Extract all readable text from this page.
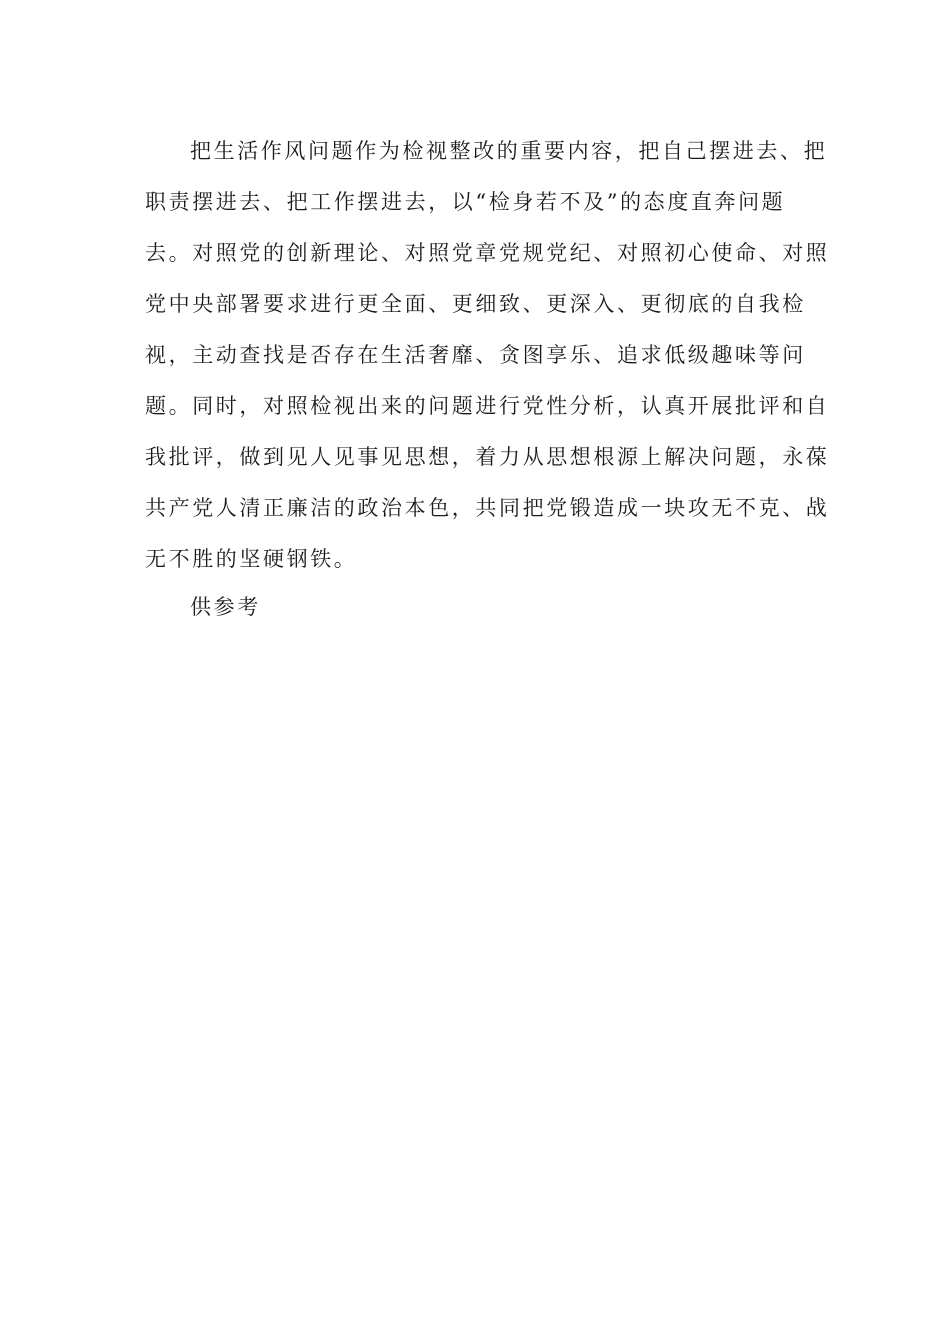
把生活作风问题作为检视整改的重要内容，把自己摆进去、把
职责摆进去、把工作摆进去，以“检身若不及”的态度直奔问题
去。对照党的创新理论、对照党章党规党纪、对照初心使命、对照
党中央部署要求进行更全面、更细致、更深入、更彻底的自我检
视，主动查找是否存在生活奢靡、贪图享乐、追求低级趣味等问
题。同时，对照检视出来的问题进行党性分析，认真开展批评和自
我批评，做到见人见事见思想，着力从思想根源上解决问题，永葆
共产党人清正廉洁的政治本色，共同把党锻造成一块攻无不克、战
无不胜的坚硬钢铁。
供参考
